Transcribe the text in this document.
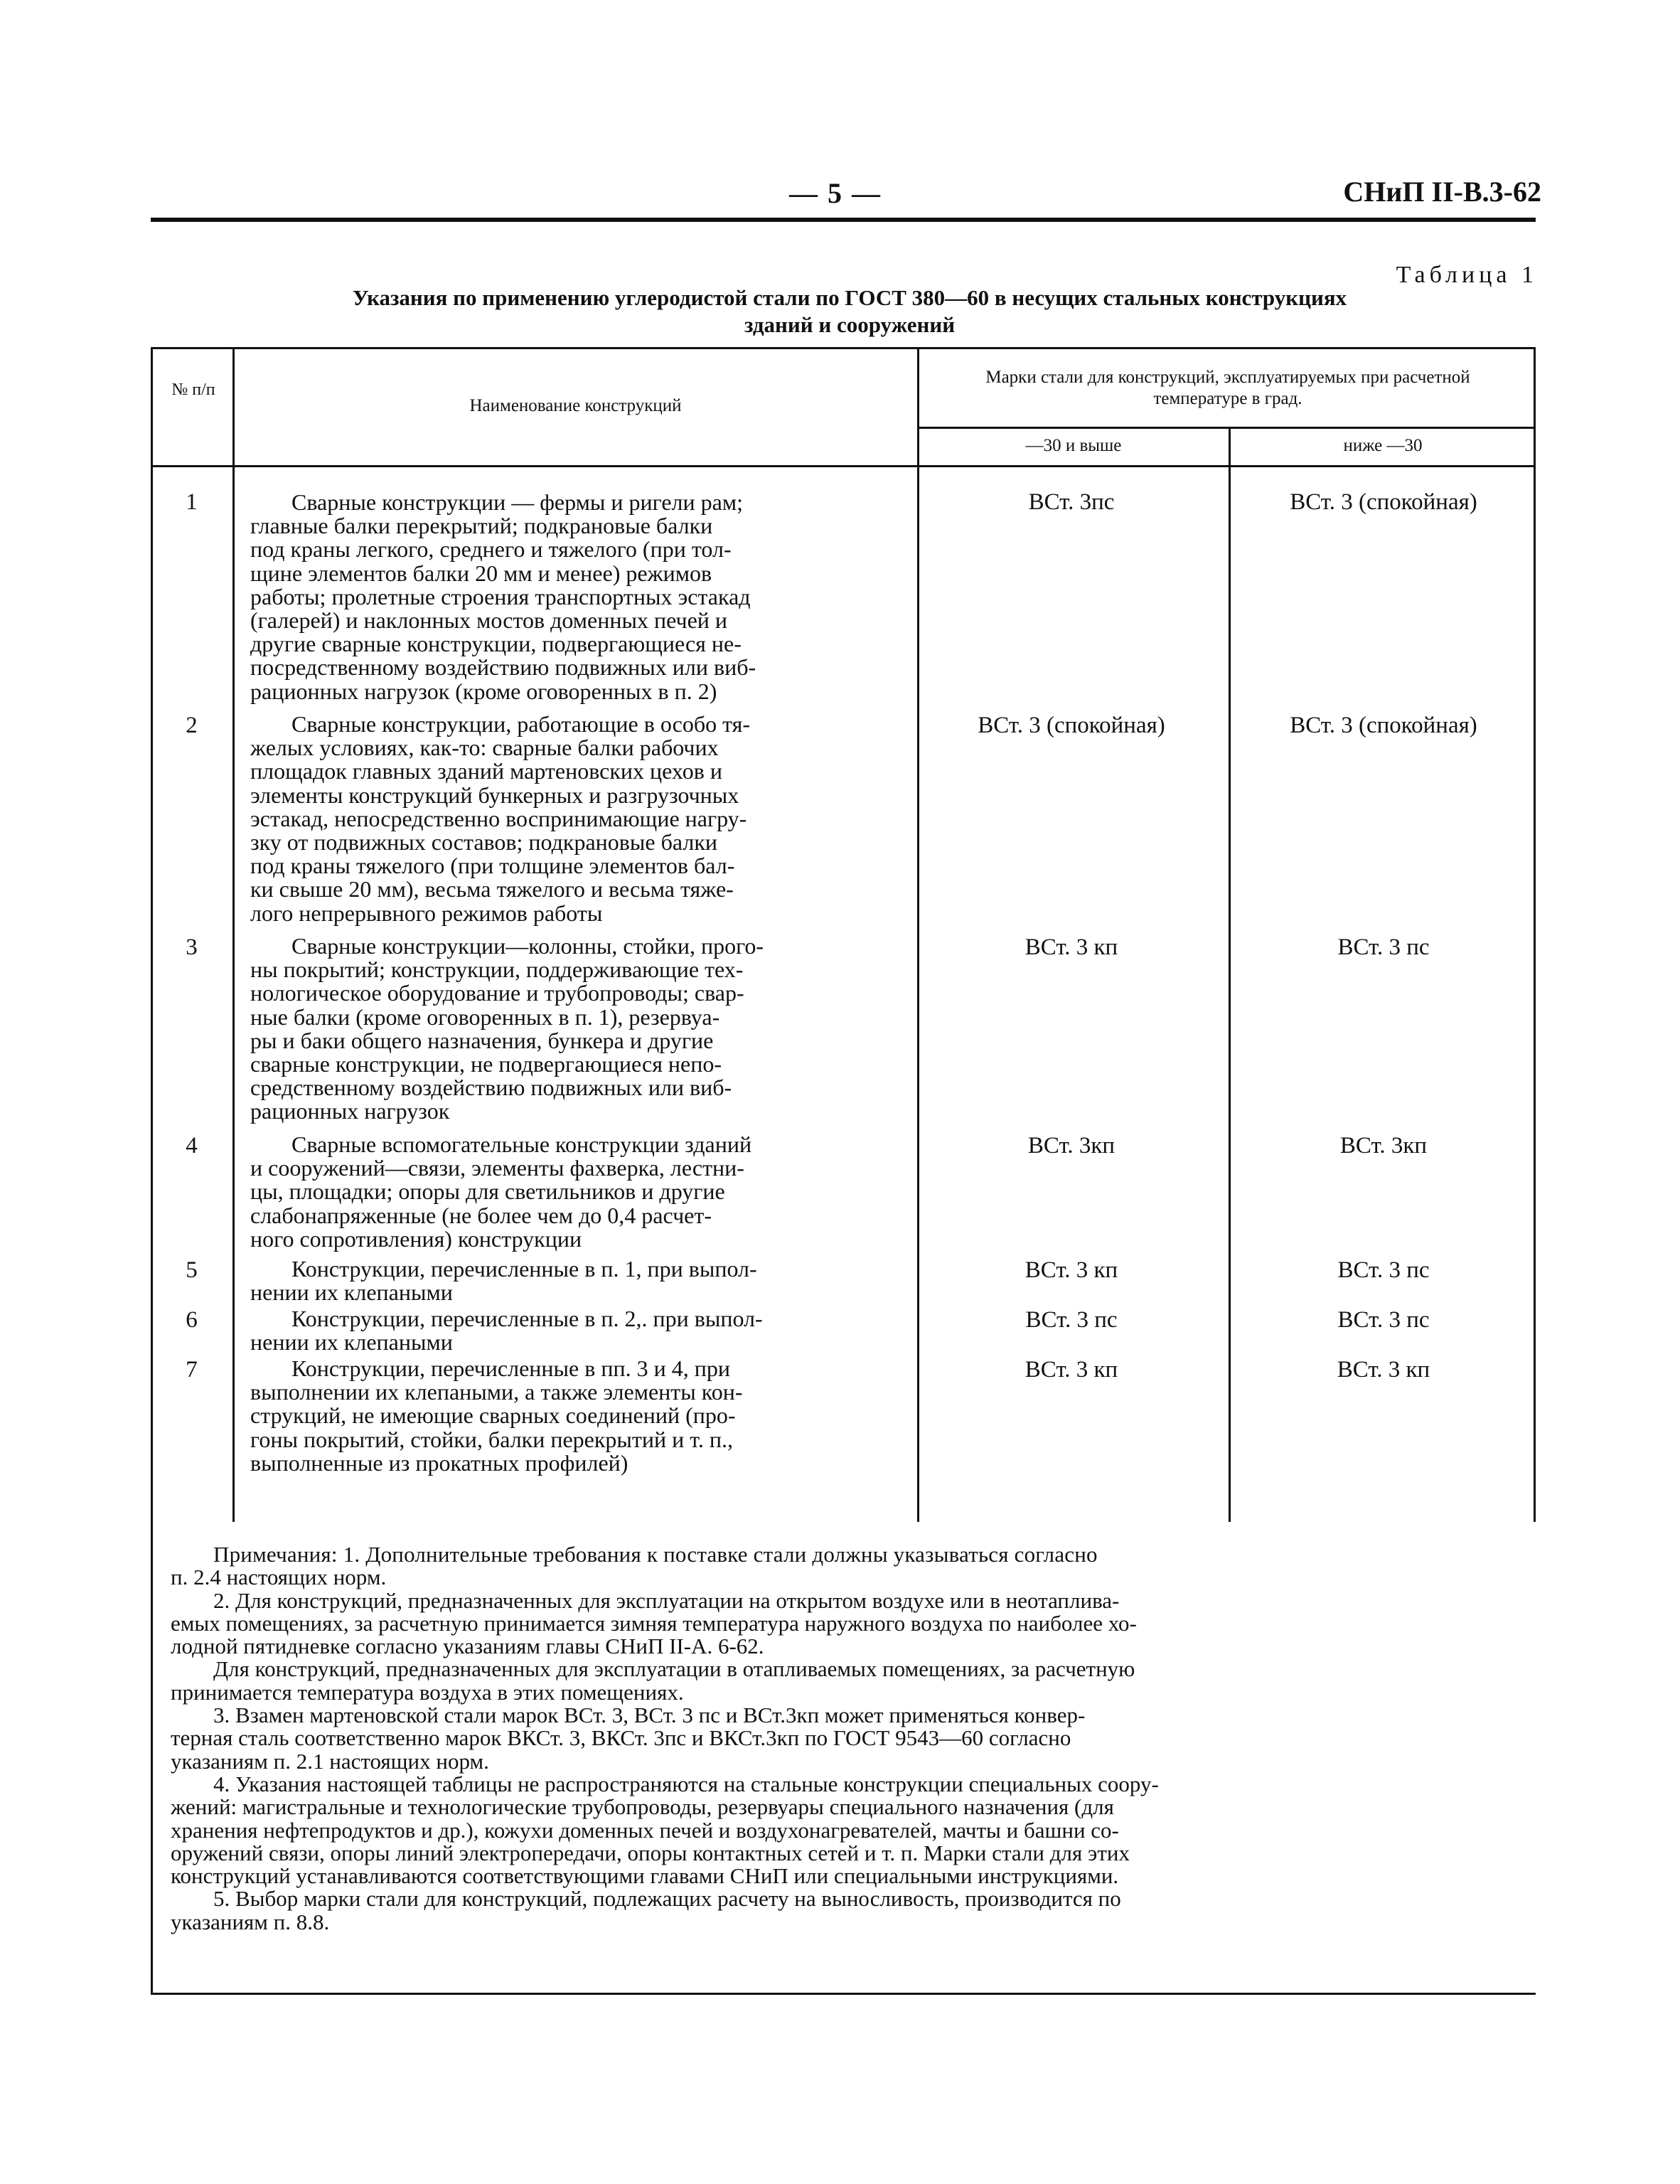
— 5 —	СНиП II-В.3-62
Таблица 1
Указания по применению углеродистой стали по ГОСТ 380—60 в несущих стальных конструкциях
зданий и сооружений
№ п/п
Наименование конструкций
Марки стали для конструкций, эксплуатируемых при расчетной температуре в град.
—30 и выше	ниже —30
1	Сварные конструкции — фермы и ригели рам;
главные балки перекрытий; подкрановые балки
под краны легкого, среднего и тяжелого (при тол-
щине элементов балки 20 мм и менее) режимов
работы; пролетные строения транспортных эстакад
(галерей) и наклонных мостов доменных печей и
другие сварные конструкции, подвергающиеся не-
посредственному воздействию подвижных или виб-
рационных нагрузок (кроме оговоренных в п. 2)
ВСт. 3пс	ВСт. 3 (спокойная)
2	Сварные конструкции, работающие в особо тя-
желых условиях, как-то: сварные балки рабочих
площадок главных зданий мартеновских цехов и
элементы конструкций бункерных и разгрузочных
эстакад, непосредственно воспринимающие нагру-
зку от подвижных составов; подкрановые балки
под краны тяжелого (при толщине элементов бал-
ки свыше 20 мм), весьма тяжелого и весьма тяже-
лого непрерывного режимов работы
ВСт. 3 (спокойная)	ВСт. 3 (спокойная)
3	Сварные конструкции—колонны, стойки, прого-
ны покрытий; конструкции, поддерживающие тех-
нологическое оборудование и трубопроводы; свар-
ные балки (кроме оговоренных в п. 1), резервуа-
ры и баки общего назначения, бункера и другие
сварные конструкции, не подвергающиеся непо-
средственному воздействию подвижных или виб-
рационных нагрузок
ВСт. 3 кп	ВСт. 3 пс
4	Сварные вспомогательные конструкции зданий
и сооружений—связи, элементы фахверка, лестни-
цы, площадки; опоры для светильников и другие
слабонапряженные (не более чем до 0,4 расчет-
ного сопротивления) конструкции
ВСт. 3кп	ВСт. 3кп
5	Конструкции, перечисленные в п. 1, при выпол-
нении их клепаными
ВСт. 3 кп	ВСт. 3 пс
6	Конструкции, перечисленные в п. 2,. при выпол-
нении их клепаными
ВСт. 3 пс	ВСт. 3 пс
7	Конструкции, перечисленные в пп. 3 и 4, при
выполнении их клепаными, а также элементы кон-
струкций, не имеющие сварных соединений (про-
гоны покрытий, стойки, балки перекрытий и т. п.,
выполненные из прокатных профилей)
ВСт. 3 кп	ВСт. 3 кп
Примечания: 1. Дополнительные требования к поставке стали должны указываться согласно
п. 2.4 настоящих норм.
2. Для конструкций, предназначенных для эксплуатации на открытом воздухе или в неотаплива-
емых помещениях, за расчетную принимается зимняя температура наружного воздуха по наиболее хо-
лодной пятидневке согласно указаниям главы СНиП II-А. 6-62.
Для конструкций, предназначенных для эксплуатации в отапливаемых помещениях, за расчетную
принимается температура воздуха в этих помещениях.
3. Взамен мартеновской стали марок ВСт. 3, ВСт. 3 пс и ВСт.3кп может применяться конвер-
терная сталь соответственно марок ВКСт. 3, ВКСт. 3пс и ВКСт.3кп по ГОСТ 9543—60 согласно
указаниям п. 2.1 настоящих норм.
4. Указания настоящей таблицы не распространяются на стальные конструкции специальных соору-
жений: магистральные и технологические трубопроводы, резервуары специального назначения (для
хранения нефтепродуктов и др.), кожухи доменных печей и воздухонагревателей, мачты и башни со-
оружений связи, опоры линий электропередачи, опоры контактных сетей и т. п. Марки стали для этих
конструкций устанавливаются соответствующими главами СНиП или специальными инструкциями.
5. Выбор марки стали для конструкций, подлежащих расчету на выносливость, производится по
указаниям п. 8.8.
